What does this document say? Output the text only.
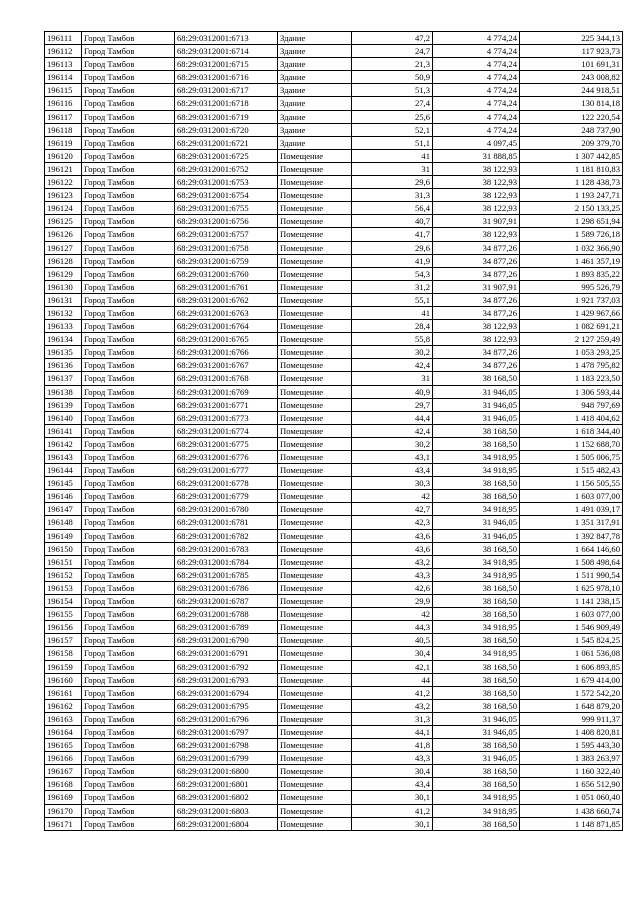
196111	Город Тамбов	68:29:0312001:6713	Здание	47,2	4 774,24	225 344,13
196112	Город Тамбов	68:29:0312001:6714	Здание	24,7	4 774,24	117 923,73
196113	Город Тамбов	68:29:0312001:6715	Здание	21,3	4 774,24	101 691,31
196114	Город Тамбов	68:29:0312001:6716	Здание	50,9	4 774,24	243 008,82
196115	Город Тамбов	68:29:0312001:6717	Здание	51,3	4 774,24	244 918,51
196116	Город Тамбов	68:29:0312001:6718	Здание	27,4	4 774,24	130 814,18
196117	Город Тамбов	68:29:0312001:6719	Здание	25,6	4 774,24	122 220,54
196118	Город Тамбов	68:29:0312001:6720	Здание	52,1	4 774,24	248 737,90
196119	Город Тамбов	68:29:0312001:6721	Здание	51,1	4 097,45	209 379,70
196120	Город Тамбов	68:29:0312001:6725	Помещение	41	31 888,85	1 307 442,85
196121	Город Тамбов	68:29:0312001:6752	Помещение	31	38 122,93	1 181 810,83
196122	Город Тамбов	68:29:0312001:6753	Помещение	29,6	38 122,93	1 128 438,73
196123	Город Тамбов	68:29:0312001:6754	Помещение	31,3	38 122,93	1 193 247,71
196124	Город Тамбов	68:29:0312001:6755	Помещение	56,4	38 122,93	2 150 133,25
196125	Город Тамбов	68:29:0312001:6756	Помещение	40,7	31 907,91	1 298 651,94
196126	Город Тамбов	68:29:0312001:6757	Помещение	41,7	38 122,93	1 589 726,18
196127	Город Тамбов	68:29:0312001:6758	Помещение	29,6	34 877,26	1 032 366,90
196128	Город Тамбов	68:29:0312001:6759	Помещение	41,9	34 877,26	1 461 357,19
196129	Город Тамбов	68:29:0312001:6760	Помещение	54,3	34 877,26	1 893 835,22
196130	Город Тамбов	68:29:0312001:6761	Помещение	31,2	31 907,91	995 526,79
196131	Город Тамбов	68:29:0312001:6762	Помещение	55,1	34 877,26	1 921 737,03
196132	Город Тамбов	68:29:0312001:6763	Помещение	41	34 877,26	1 429 967,66
196133	Город Тамбов	68:29:0312001:6764	Помещение	28,4	38 122,93	1 082 691,21
196134	Город Тамбов	68:29:0312001:6765	Помещение	55,8	38 122,93	2 127 259,49
196135	Город Тамбов	68:29:0312001:6766	Помещение	30,2	34 877,26	1 053 293,25
196136	Город Тамбов	68:29:0312001:6767	Помещение	42,4	34 877,26	1 478 795,82
196137	Город Тамбов	68:29:0312001:6768	Помещение	31	38 168,50	1 183 223,50
196138	Город Тамбов	68:29:0312001:6769	Помещение	40,9	31 946,05	1 306 593,44
196139	Город Тамбов	68:29:0312001:6771	Помещение	29,7	31 946,05	948 797,69
196140	Город Тамбов	68:29:0312001:6773	Помещение	44,4	31 946,05	1 418 404,62
196141	Город Тамбов	68:29:0312001:6774	Помещение	42,4	38 168,50	1 618 344,40
196142	Город Тамбов	68:29:0312001:6775	Помещение	30,2	38 168,50	1 152 688,70
196143	Город Тамбов	68:29:0312001:6776	Помещение	43,1	34 918,95	1 505 006,75
196144	Город Тамбов	68:29:0312001:6777	Помещение	43,4	34 918,95	1 515 482,43
196145	Город Тамбов	68:29:0312001:6778	Помещение	30,3	38 168,50	1 156 505,55
196146	Город Тамбов	68:29:0312001:6779	Помещение	42	38 168,50	1 603 077,00
196147	Город Тамбов	68:29:0312001:6780	Помещение	42,7	34 918,95	1 491 039,17
196148	Город Тамбов	68:29:0312001:6781	Помещение	42,3	31 946,05	1 351 317,91
196149	Город Тамбов	68:29:0312001:6782	Помещение	43,6	31 946,05	1 392 847,78
196150	Город Тамбов	68:29:0312001:6783	Помещение	43,6	38 168,50	1 664 146,60
196151	Город Тамбов	68:29:0312001:6784	Помещение	43,2	34 918,95	1 508 498,64
196152	Город Тамбов	68:29:0312001:6785	Помещение	43,3	34 918,95	1 511 990,54
196153	Город Тамбов	68:29:0312001:6786	Помещение	42,6	38 168,50	1 625 978,10
196154	Город Тамбов	68:29:0312001:6787	Помещение	29,9	38 168,50	1 141 238,15
196155	Город Тамбов	68:29:0312001:6788	Помещение	42	38 168,50	1 603 077,00
196156	Город Тамбов	68:29:0312001:6789	Помещение	44,3	34 918,95	1 546 909,49
196157	Город Тамбов	68:29:0312001:6790	Помещение	40,5	38 168,50	1 545 824,25
196158	Город Тамбов	68:29:0312001:6791	Помещение	30,4	34 918,95	1 061 536,08
196159	Город Тамбов	68:29:0312001:6792	Помещение	42,1	38 168,50	1 606 893,85
196160	Город Тамбов	68:29:0312001:6793	Помещение	44	38 168,50	1 679 414,00
196161	Город Тамбов	68:29:0312001:6794	Помещение	41,2	38 168,50	1 572 542,20
196162	Город Тамбов	68:29:0312001:6795	Помещение	43,2	38 168,50	1 648 879,20
196163	Город Тамбов	68:29:0312001:6796	Помещение	31,3	31 946,05	999 911,37
196164	Город Тамбов	68:29:0312001:6797	Помещение	44,1	31 946,05	1 408 820,81
196165	Город Тамбов	68:29:0312001:6798	Помещение	41,8	38 168,50	1 595 443,30
196166	Город Тамбов	68:29:0312001:6799	Помещение	43,3	31 946,05	1 383 263,97
196167	Город Тамбов	68:29:0312001:6800	Помещение	30,4	38 168,50	1 160 322,40
196168	Город Тамбов	68:29:0312001:6801	Помещение	43,4	38 168,50	1 656 512,90
196169	Город Тамбов	68:29:0312001:6802	Помещение	30,1	34 918,95	1 051 060,40
196170	Город Тамбов	68:29:0312001:6803	Помещение	41,2	34 918,95	1 438 660,74
196171	Город Тамбов	68:29:0312001:6804	Помещение	30,1	38 168,50	1 148 871,85
